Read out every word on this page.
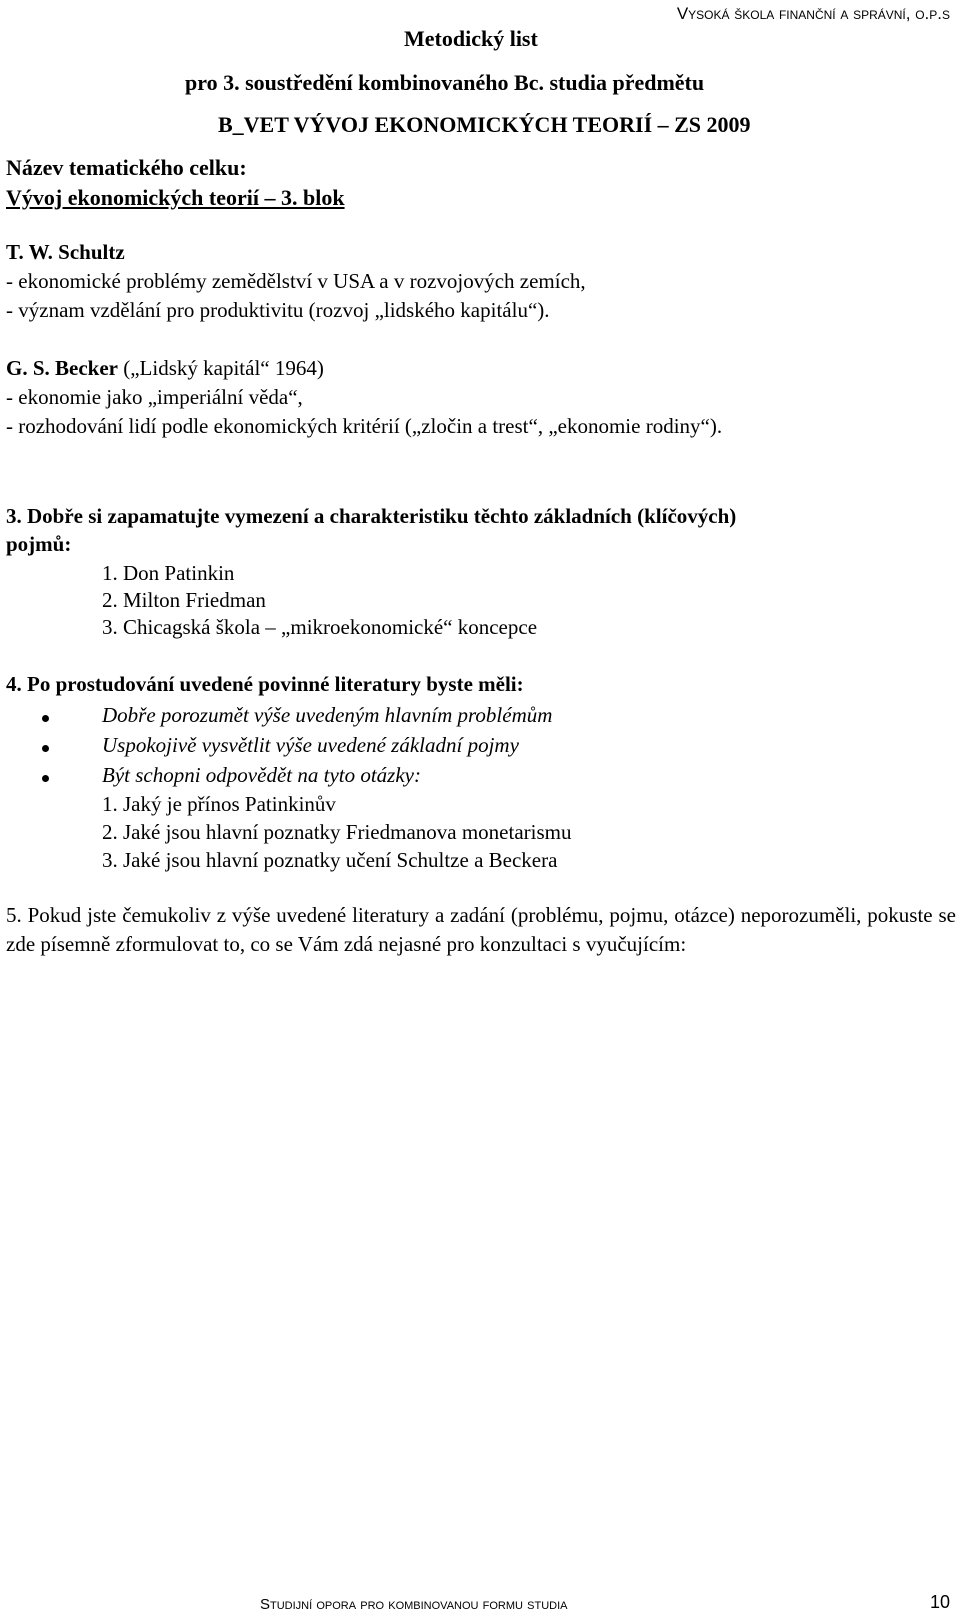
Vysoká škola finanční a správní, o.p.s
Metodický list
pro 3. soustředění kombinovaného Bc. studia předmětu
B_VET VÝVOJ EKONOMICKÝCH TEORIÍ – ZS 2009
Název tematického celku:
Vývoj ekonomických teorií – 3. blok
T. W. Schultz
- ekonomické problémy zemědělství v USA a v rozvojových zemích,
- význam vzdělání pro produktivitu (rozvoj „lidského kapitálu“).
G. S. Becker („Lidský kapitál“ 1964)
- ekonomie jako „imperiální věda“,
- rozhodování lidí podle ekonomických kritérií („zločin a trest“, „ekonomie rodiny“).
3. Dobře si zapamatujte vymezení a charakteristiku těchto základních (klíčových)
pojmů:
1. Don Patinkin
2. Milton Friedman
3. Chicagská škola – „mikroekonomické“ koncepce
4. Po prostudování uvedené povinné literatury byste měli:
Dobře porozumět výše uvedeným hlavním problémům
Uspokojivě vysvětlit výše uvedené základní pojmy
Být schopni odpovědět na tyto otázky:
1. Jaký je přínos Patinkinův
2. Jaké jsou hlavní poznatky Friedmanova monetarismu
3. Jaké jsou hlavní poznatky učení Schultze a Beckera
5. Pokud jste čemukoliv z výše uvedené literatury a zadání (problému, pojmu, otázce) neporozuměli, pokuste se zde písemně zformulovat to, co se Vám zdá nejasné pro konzultaci s vyučujícím:
Studijní opora pro kombinovanou formu studia	10
